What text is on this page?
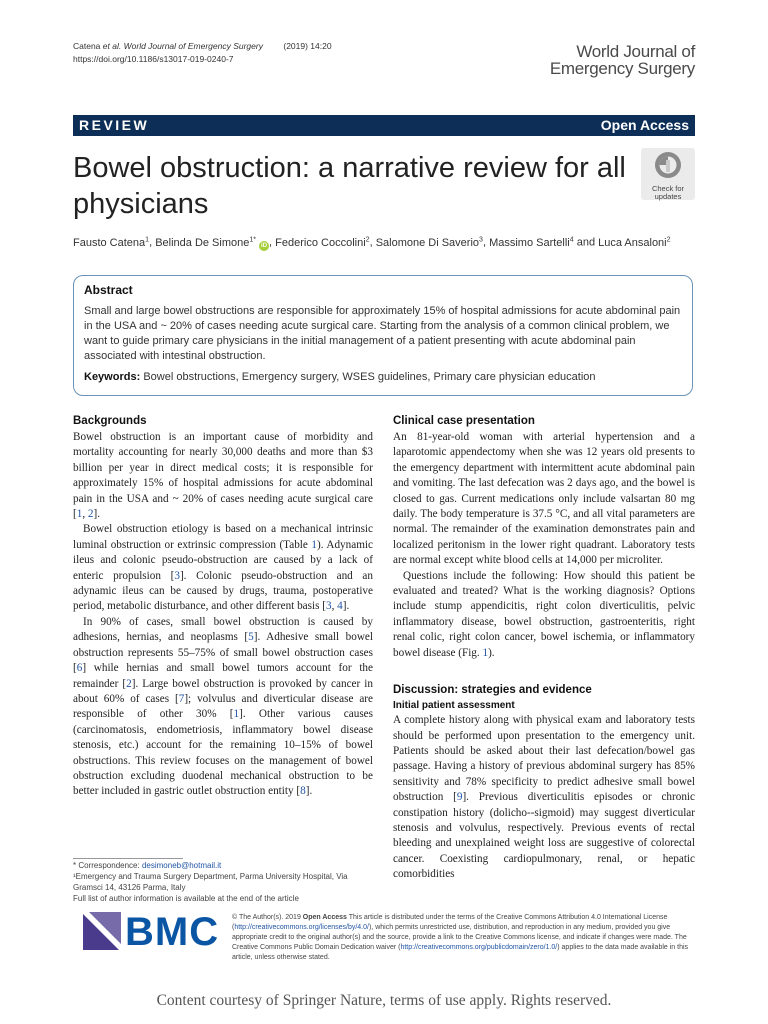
Catena et al. World Journal of Emergency Surgery (2019) 14:20
https://doi.org/10.1186/s13017-019-0240-7	World Journal of
Emergency Surgery
REVIEW	Open Access
Bowel obstruction: a narrative review for all physicians	Check for
updates
Fausto Catena$^1$, Belinda De Simone$^{1*}$ iD , Federico Coccolini$^2$, Salomone Di Saverio$^3$, Massimo Sartelli$^4$ and Luca Ansaloni$^2$
Abstract
Small and large bowel obstructions are responsible for approximately 15% of hospital admissions for acute abdominal pain in the USA and ~ 20% of cases needing acute surgical care. Starting from the analysis of a common clinical problem, we want to guide primary care physicians in the initial management of a patient presenting with acute abdominal pain associated with intestinal obstruction.
Keywords: Bowel obstructions, Emergency surgery, WSES guidelines, Primary care physician education
Backgrounds

Bowel obstruction is an important cause of morbidity and mortality accounting for nearly 30,000 deaths and more than $3 billion per year in direct medical costs; it is responsible for approximately 15% of hospital admissions for acute abdominal pain in the USA and ~ 20% of cases needing acute surgical care [1, 2].

Bowel obstruction etiology is based on a mechanical intrinsic luminal obstruction or extrinsic compression (Table 1). Adynamic ileus and colonic pseudo-obstruction are caused by a lack of enteric propulsion [3]. Colonic pseudo-obstruction and an adynamic ileus can be caused by drugs, trauma, postoperative period, metabolic disturbance, and other different basis [3, 4].

In 90% of cases, small bowel obstruction is caused by adhesions, hernias, and neoplasms [5]. Adhesive small bowel obstruction represents 55–75% of small bowel obstruction cases [6] while hernias and small bowel tumors account for the remainder [2]. Large bowel obstruction is provoked by cancer in about 60% of cases [7]; volvulus and diverticular disease are responsible of other 30% [1]. Other various causes (carcinomatosis, endometriosis, inflammatory bowel disease stenosis, etc.) account for the remaining 10–15% of bowel obstructions. This review focuses on the management of bowel obstruction excluding duodenal mechanical obstruction to be better included in gastric outlet obstruction entity [8].

Clinical case presentation

An 81-year-old woman with arterial hypertension and a laparotomic appendectomy when she was 12 years old presents to the emergency department with intermittent acute abdominal pain and vomiting. The last defecation was 2 days ago, and the bowel is closed to gas. Current medications only include valsartan 80 mg daily. The body temperature is 37.5 °C, and all vital parameters are normal. The remainder of the examination demonstrates pain and localized peritonism in the lower right quadrant. Laboratory tests are normal except white blood cells at 14,000 per microliter.

Questions include the following: How should this patient be evaluated and treated? What is the working diagnosis? Options include stump appendicitis, right colon diverticulitis, pelvic inflammatory disease, bowel obstruction, gastroenteritis, right renal colic, right colon cancer, bowel ischemia, or inflammatory bowel disease (Fig. 1).

Discussion: strategies and evidence
Initial patient assessment

A complete history along with physical exam and laboratory tests should be performed upon presentation to the emergency unit. Patients should be asked about their last defecation/bowel gas passage. Having a history of previous abdominal surgery has 85% sensitivity and 78% specificity to predict adhesive small bowel obstruction [9]. Previous diverticulitis episodes or chronic constipation history (dolicho--sigmoid) may suggest diverticular stenosis and volvulus, respectively. Previous events of rectal bleeding and unexplained weight loss are suggestive of colorectal cancer. Coexisting cardiopulmonary, renal, or hepatic comorbidities

* Correspondence: desimoneb@hotmail.it
¹Emergency and Trauma Surgery Department, Parma University Hospital, Via Gramsci 14, 43126 Parma, Italy
Full list of author information is available at the end of the article
BMC © The Author(s). 2019 Open Access This article is distributed under the terms of the Creative Commons Attribution 4.0 International License (http://creativecommons.org/licenses/by/4.0/), which permits unrestricted use, distribution, and reproduction in any medium, provided you give appropriate credit to the original author(s) and the source, provide a link to the Creative Commons license, and indicate if changes were made. The Creative Commons Public Domain Dedication waiver (http://creativecommons.org/publicdomain/zero/1.0/) applies to the data made available in this article, unless otherwise stated.
Content courtesy of Springer Nature, terms of use apply. Rights reserved.
